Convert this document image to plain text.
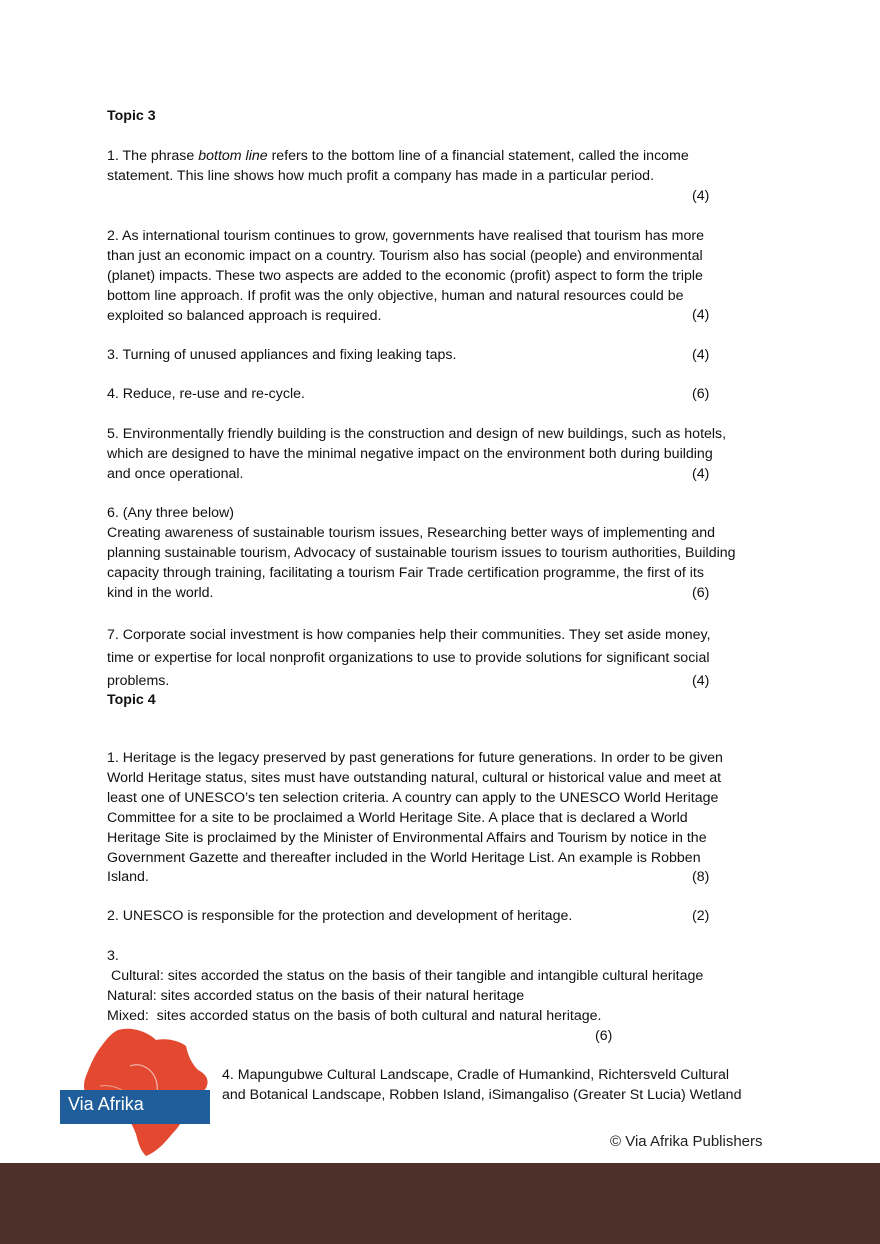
Topic 3
1. The phrase bottom line refers to the bottom line of a financial statement, called the income
statement. This line shows how much profit a company has made in a particular period.
(4)
2. As international tourism continues to grow, governments have realised that tourism has more
than just an economic impact on a country. Tourism also has social (people) and environmental
(planet) impacts. These two aspects are added to the economic (profit) aspect to form the triple
bottom line approach. If profit was the only objective, human and natural resources could be
exploited so balanced approach is required.	(4)
3. Turning of unused appliances and fixing leaking taps.	(4)
4. Reduce, re-use and re-cycle.	(6)
5. Environmentally friendly building is the construction and design of new buildings, such as hotels,
which are designed to have the minimal negative impact on the environment both during building
and once operational.	(4)
6. (Any three below)
Creating awareness of sustainable tourism issues, Researching better ways of implementing and
planning sustainable tourism, Advocacy of sustainable tourism issues to tourism authorities, Building
capacity through training, facilitating a tourism Fair Trade certification programme, the first of its
kind in the world.	(6)
7. Corporate social investment is how companies help their communities. They set aside money,
time or expertise for local nonprofit organizations to use to provide solutions for significant social
problems.	(4)
Topic 4
1. Heritage is the legacy preserved by past generations for future generations. In order to be given
World Heritage status, sites must have outstanding natural, cultural or historical value and meet at
least one of UNESCO’s ten selection criteria. A country can apply to the UNESCO World Heritage
Committee for a site to be proclaimed a World Heritage Site. A place that is declared a World
Heritage Site is proclaimed by the Minister of Environmental Affairs and Tourism by notice in the
Government Gazette and thereafter included in the World Heritage List. An example is Robben
Island.	(8)
2. UNESCO is responsible for the protection and development of heritage.	(2)
3.
Cultural: sites accorded the status on the basis of their tangible and intangible cultural heritage
Natural: sites accorded status on the basis of their natural heritage
Mixed:  sites accorded status on the basis of both cultural and natural heritage.
(6)
4. Mapungubwe Cultural Landscape, Cradle of Humankind, Richtersveld Cultural
and Botanical Landscape, Robben Island, iSimangaliso (Greater St Lucia) Wetland
Via Afrika
© Via Afrika Publishers
